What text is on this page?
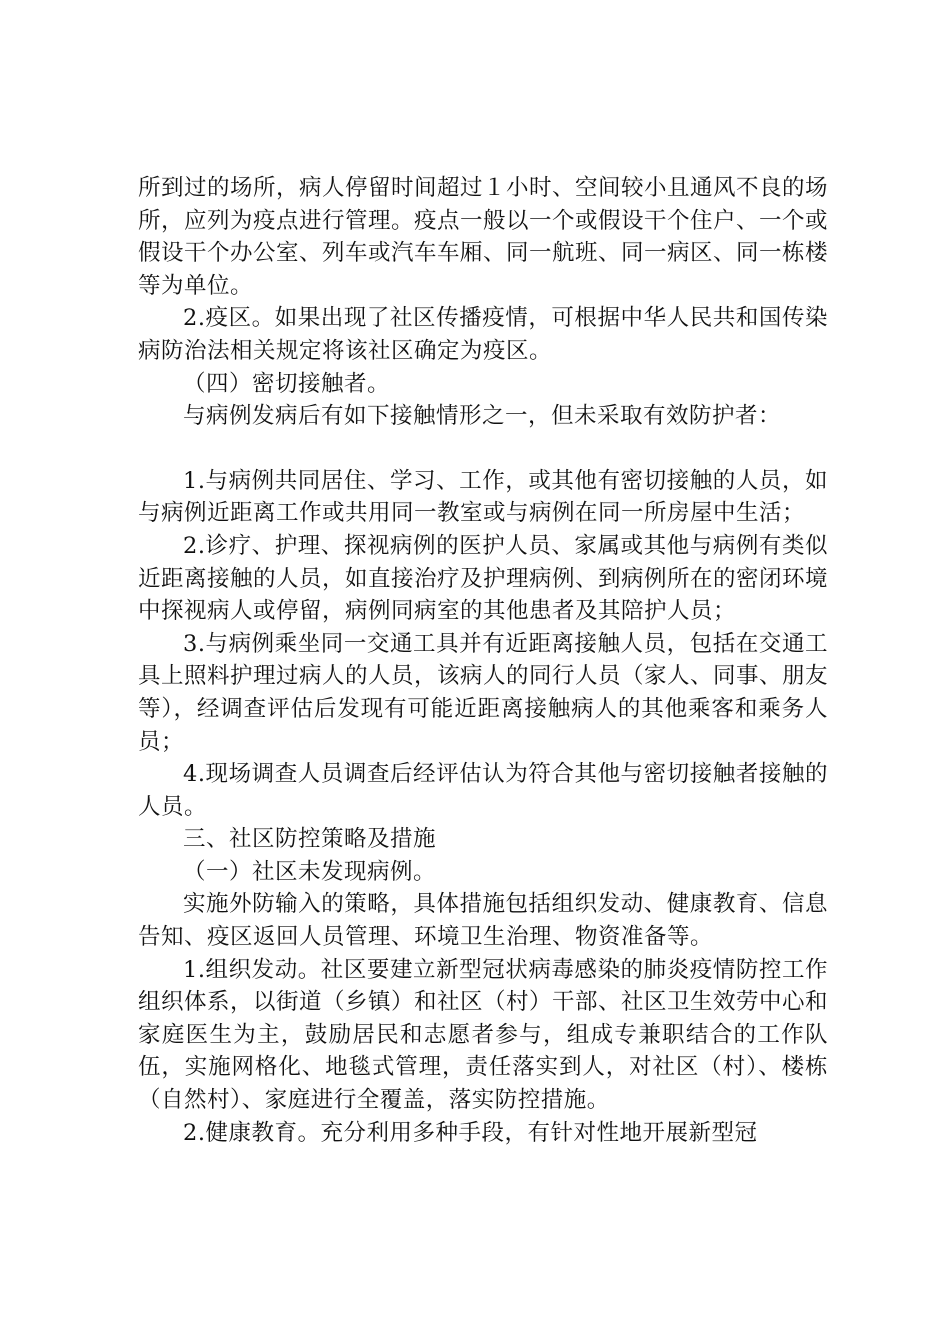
所到过的场所，病人停留时间超过１小时、空间较小且通风不良的场所，应列为疫点进行管理。疫点一般以一个或假设干个住户、一个或假设干个办公室、列车或汽车车厢、同一航班、同一病区、同一栋楼等为单位。

2.疫区。如果出现了社区传播疫情，可根据中华人民共和国传染病防治法相关规定将该社区确定为疫区。

（四）密切接触者。

与病例发病后有如下接触情形之一，但未采取有效防护者：

1.与病例共同居住、学习、工作，或其他有密切接触的人员，如与病例近距离工作或共用同一教室或与病例在同一所房屋中生活；

2.诊疗、护理、探视病例的医护人员、家属或其他与病例有类似近距离接触的人员，如直接治疗及护理病例、到病例所在的密闭环境中探视病人或停留，病例同病室的其他患者及其陪护人员；

3.与病例乘坐同一交通工具并有近距离接触人员，包括在交通工具上照料护理过病人的人员，该病人的同行人员（家人、同事、朋友等），经调查评估后发现有可能近距离接触病人的其他乘客和乘务人员；

4.现场调查人员调查后经评估认为符合其他与密切接触者接触的人员。

三、社区防控策略及措施

（一）社区未发现病例。

实施外防输入的策略，具体措施包括组织发动、健康教育、信息告知、疫区返回人员管理、环境卫生治理、物资准备等。

1.组织发动。社区要建立新型冠状病毒感染的肺炎疫情防控工作组织体系，以街道（乡镇）和社区（村）干部、社区卫生效劳中心和家庭医生为主，鼓励居民和志愿者参与，组成专兼职结合的工作队伍，实施网格化、地毯式管理，责任落实到人，对社区（村）、楼栋（自然村）、家庭进行全覆盖，落实防控措施。

2.健康教育。充分利用多种手段，有针对性地开展新型冠
